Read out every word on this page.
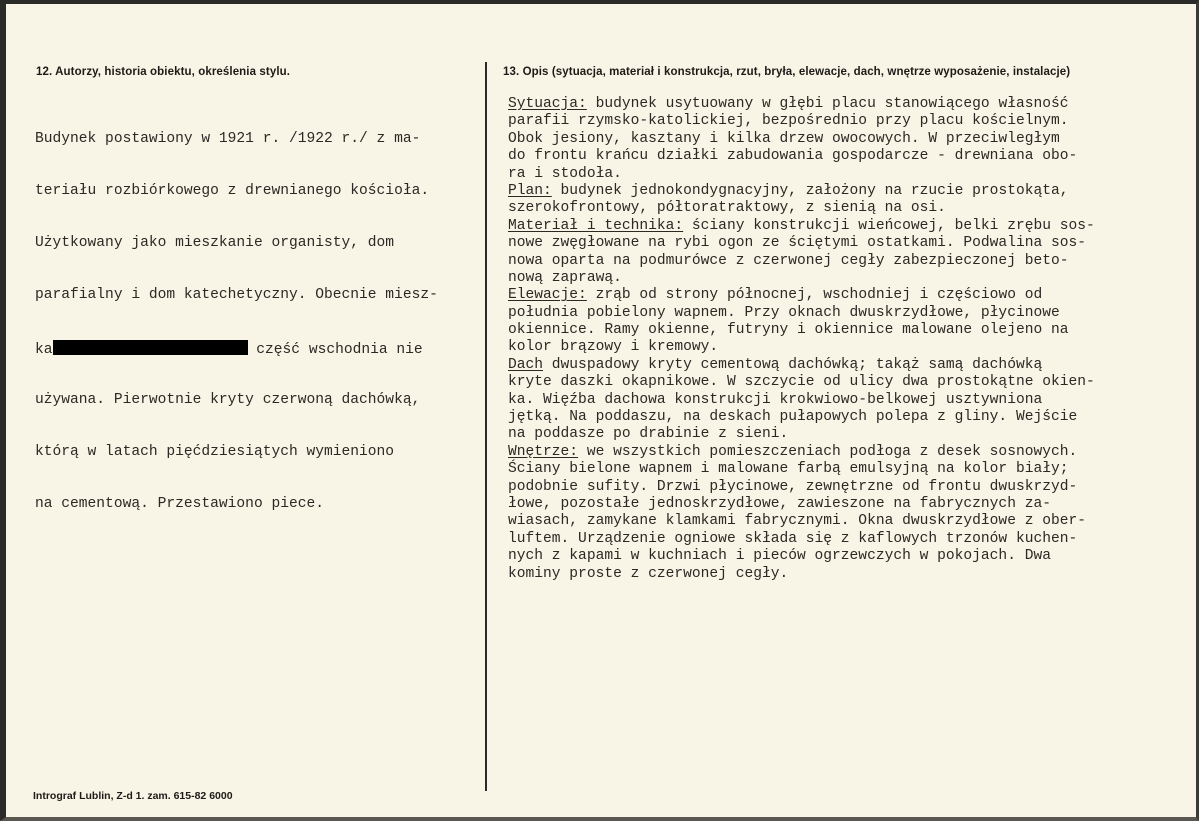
12. Autorzy, historia obiektu, określenia stylu.	13. Opis (sytuacja, materiał i konstrukcja, rzut, bryła, elewacje, dach, wnętrze wyposażenie, instalacje)

Budynek postawiony w 1921 r. /1922 r./ z ma-

teriału rozbiórkowego z drewnianego kościoła.

Użytkowany jako mieszkanie organisty, dom

parafialny i dom katechetyczny. Obecnie miesz-

ka	część wschodnia nie

używana. Pierwotnie kryty czerwoną dachówką,

którą w latach pięćdziesiątych wymieniono

na cementową. Przestawiono piece.

Sytuacja: budynek usytuowany w głębi placu stanowiącego własność
parafii rzymsko-katolickiej, bezpośrednio przy placu kościelnym.
Obok jesiony, kasztany i kilka drzew owocowych. W przeciwległym
do frontu krańcu działki zabudowania gospodarcze - drewniana obo-
ra i stodoła.
Plan: budynek jednokondygnacyjny, założony na rzucie prostokąta,
szerokofrontowy, półtoratraktowy, z sienią na osi.
Materiał i technika: ściany konstrukcji wieńcowej, belki zrębu sos-
nowe zwęgłowane na rybi ogon ze ściętymi ostatkami. Podwalina sos-
nowa oparta na podmurówce z czerwonej cegły zabezpieczonej beto-
nową zaprawą.
Elewacje: zrąb od strony północnej, wschodniej i częściowo od
południa pobielony wapnem. Przy oknach dwuskrzydłowe, płycinowe
okiennice. Ramy okienne, futryny i okiennice malowane olejeno na
kolor brązowy i kremowy.
Dach dwuspadowy kryty cementową dachówką; takąż samą dachówką
kryte daszki okapnikowe. W szczycie od ulicy dwa prostokątne okien-
ka. Więźba dachowa konstrukcji krokwiowo-belkowej usztywniona
jętką. Na poddaszu, na deskach pułapowych polepa z gliny. Wejście
na poddasze po drabinie z sieni.
Wnętrze: we wszystkich pomieszczeniach podłoga z desek sosnowych.
Ściany bielone wapnem i malowane farbą emulsyjną na kolor biały;
podobnie sufity. Drzwi płycinowe, zewnętrzne od frontu dwuskrzyd-
łowe, pozostałe jednoskrzydłowe, zawieszone na fabrycznych za-
wiasach, zamykane klamkami fabrycznymi. Okna dwuskrzydłowe z ober-
luftem. Urządzenie ogniowe składa się z kaflowych trzonów kuchen-
nych z kapami w kuchniach i pieców ogrzewczych w pokojach. Dwa
kominy proste z czerwonej cegły.
Intrograf Lublin, Z-d 1. zam. 615-82 6000
